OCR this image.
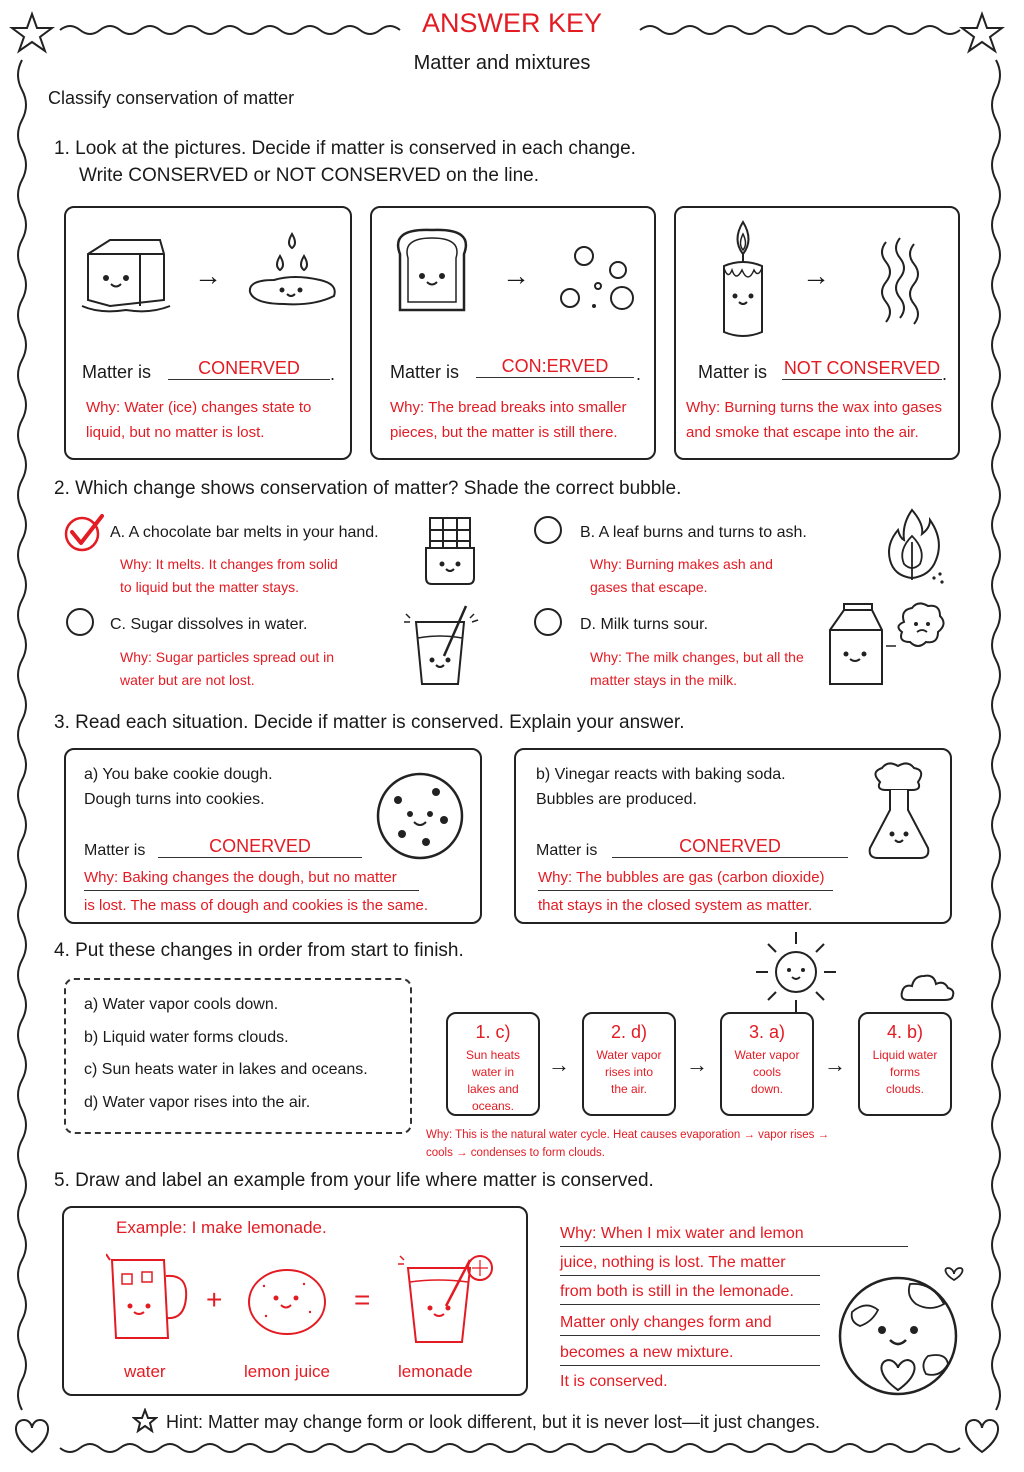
ANSWER KEY
Matter and mixtures
Classify conservation of matter
1. Look at the pictures. Decide if matter is conserved in each change.
Write CONSERVED or NOT CONSERVED on the line.
→
Matter is	CONERVED	.
Why: Water (ice) changes state to
liquid, but no matter is lost.
→
Matter is	CON:ERVED	.
Why: The bread breaks into smaller
pieces, but the matter is still there.
→
Matter is NOT CONSERVED .
Why: Burning turns the wax into gases
and smoke that escape into the air.
2. Which change shows conservation of matter? Shade the correct bubble.
A. A chocolate bar melts in your hand.
Why: It melts. It changes from solid
to liquid but the matter stays.
B. A leaf burns and turns to ash.
Why: Burning makes ash and
gases that escape.
C. Sugar dissolves in water.
Why: Sugar particles spread out in
water but are not lost.
D. Milk turns sour.
Why: The milk changes, but all the
matter stays in the milk.
3. Read each situation. Decide if matter is conserved. Explain your answer.
a) You bake cookie dough.
Dough turns into cookies.
Matter is	CONERVED
Why: Baking changes the dough, but no matter
is lost. The mass of dough and cookies is the same.
b) Vinegar reacts with baking soda.
Bubbles are produced.
Matter is	CONERVED
Why: The bubbles are gas (carbon dioxide)
that stays in the closed system as matter.
4. Put these changes in order from start to finish.
a) Water vapor cools down.
b) Liquid water forms clouds.
c) Sun heats water in lakes and oceans.
d) Water vapor rises into the air.
1. c)
Sun heats
water in
lakes and
oceans.
→
2. d)
Water vapor
rises into
the air.
→
3. a)
Water vapor
cools
down.
→
4. b)
Liquid water
forms
clouds.
Why: This is the natural water cycle. Heat causes evaporation → vapor rises →
cools → condenses to form clouds.
5. Draw and label an example from your life where matter is conserved.
Example: I make lemonade.
+	=
water	lemon juice	lemonade
Why: When I mix water and lemon
juice, nothing is lost. The matter
from both is still in the lemonade.
Matter only changes form and
becomes a new mixture.
It is conserved.
Hint: Matter may change form or look different, but it is never lost—it just changes.
